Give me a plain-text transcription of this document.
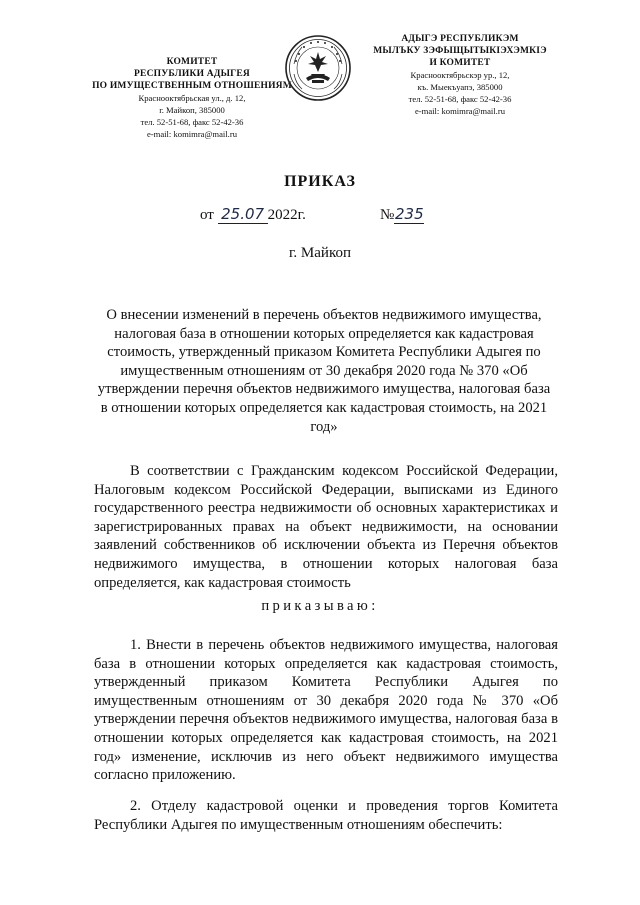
КОМИТЕТ
РЕСПУБЛИКИ АДЫГЕЯ
ПО ИМУЩЕСТВЕННЫМ ОТНОШЕНИЯМ
Краснооктябрьская ул., д. 12,
г. Майкоп, 385000
тел. 52-51-68, факс 52-42-36
e-mail: komimra@mail.ru
АДЫГЭ РЕСПУБЛИКЭМ
МЫЛЪКУ ЗЭФЫЩЫТЫКIЭХЭМКIЭ
И КОМИТЕТ
Краснооктябрьскэр ур., 12,
къ. Мыекъуапэ, 385000
тел. 52-51-68, факс 52-42-36
e-mail: komimra@mail.ru
ПРИКАЗ
от 25.07 2022г.	№235
г. Майкоп
О внесении изменений в перечень объектов недвижимого имущества, налоговая база в отношении которых определяется как кадастровая стоимость, утвержденный приказом Комитета Республики Адыгея по имущественным отношениям от 30 декабря 2020 года № 370 «Об утверждении перечня объектов недвижимого имущества, налоговая база в отношении которых определяется как кадастровая стоимость, на 2021 год»
В соответствии с Гражданским кодексом Российской Федерации, Налоговым кодексом Российской Федерации, выписками из Единого государственного реестра недвижимости об основных характеристиках и зарегистрированных правах на объект недвижимости, на основании заявлений собственников об исключении объекта из Перечня объектов недвижимого имущества, в отношении которых налоговая база определяется, как кадастровая стоимость
приказываю:
1. Внести в перечень объектов недвижимого имущества, налоговая база в отношении которых определяется как кадастровая стоимость, утвержденный приказом Комитета Республики Адыгея по имущественным отношениям от 30 декабря 2020 года № 370 «Об утверждении перечня объектов недвижимого имущества, налоговая база в отношении которых определяется как кадастровая стоимость, на 2021 год» изменение, исключив из него объект недвижимого имущества согласно приложению.
2. Отделу кадастровой оценки и проведения торгов Комитета Республики Адыгея по имущественным отношениям обеспечить:
